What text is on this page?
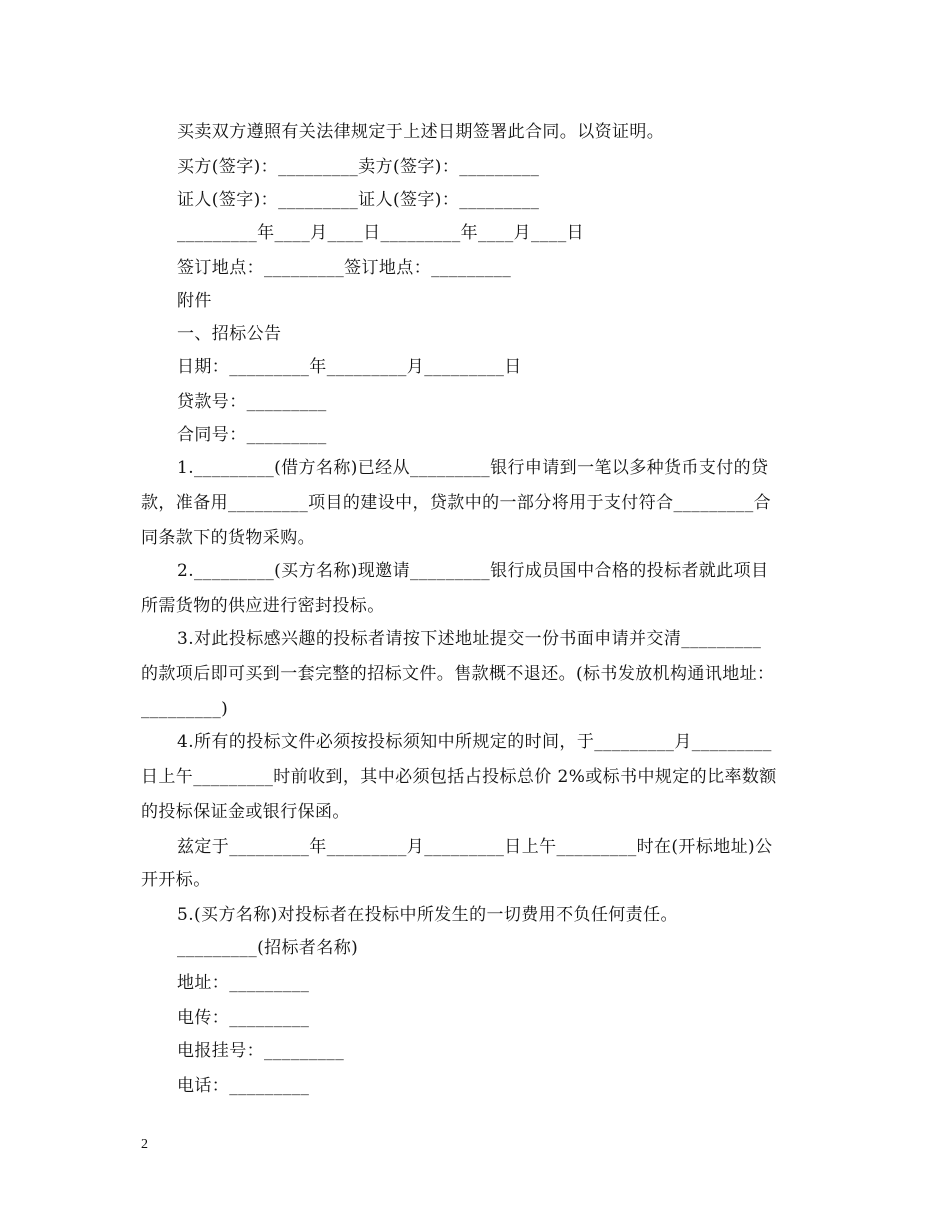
买卖双方遵照有关法律规定于上述日期签署此合同。以资证明。
买方(签字)：_________卖方(签字)：_________
证人(签字)：_________证人(签字)：_________
_________年____月____日_________年____月____日
签订地点：_________签订地点：_________
附件
一、招标公告
日期：_________年_________月_________日
贷款号：_________
合同号：_________
1._________(借方名称)已经从_________银行申请到一笔以多种货币支付的贷
款，准备用_________项目的建设中，贷款中的一部分将用于支付符合_________合
同条款下的货物采购。
2._________(买方名称)现邀请_________银行成员国中合格的投标者就此项目
所需货物的供应进行密封投标。
3.对此投标感兴趣的投标者请按下述地址提交一份书面申请并交清_________
的款项后即可买到一套完整的招标文件。售款概不退还。(标书发放机构通讯地址：
_________)
4.所有的投标文件必须按投标须知中所规定的时间，于_________月_________
日上午_________时前收到，其中必须包括占投标总价 2%或标书中规定的比率数额
的投标保证金或银行保函。
兹定于_________年_________月_________日上午_________时在(开标地址)公
开开标。
5.(买方名称)对投标者在投标中所发生的一切费用不负任何责任。
_________(招标者名称)
地址：_________
电传：_________
电报挂号：_________
电话：_________
2
